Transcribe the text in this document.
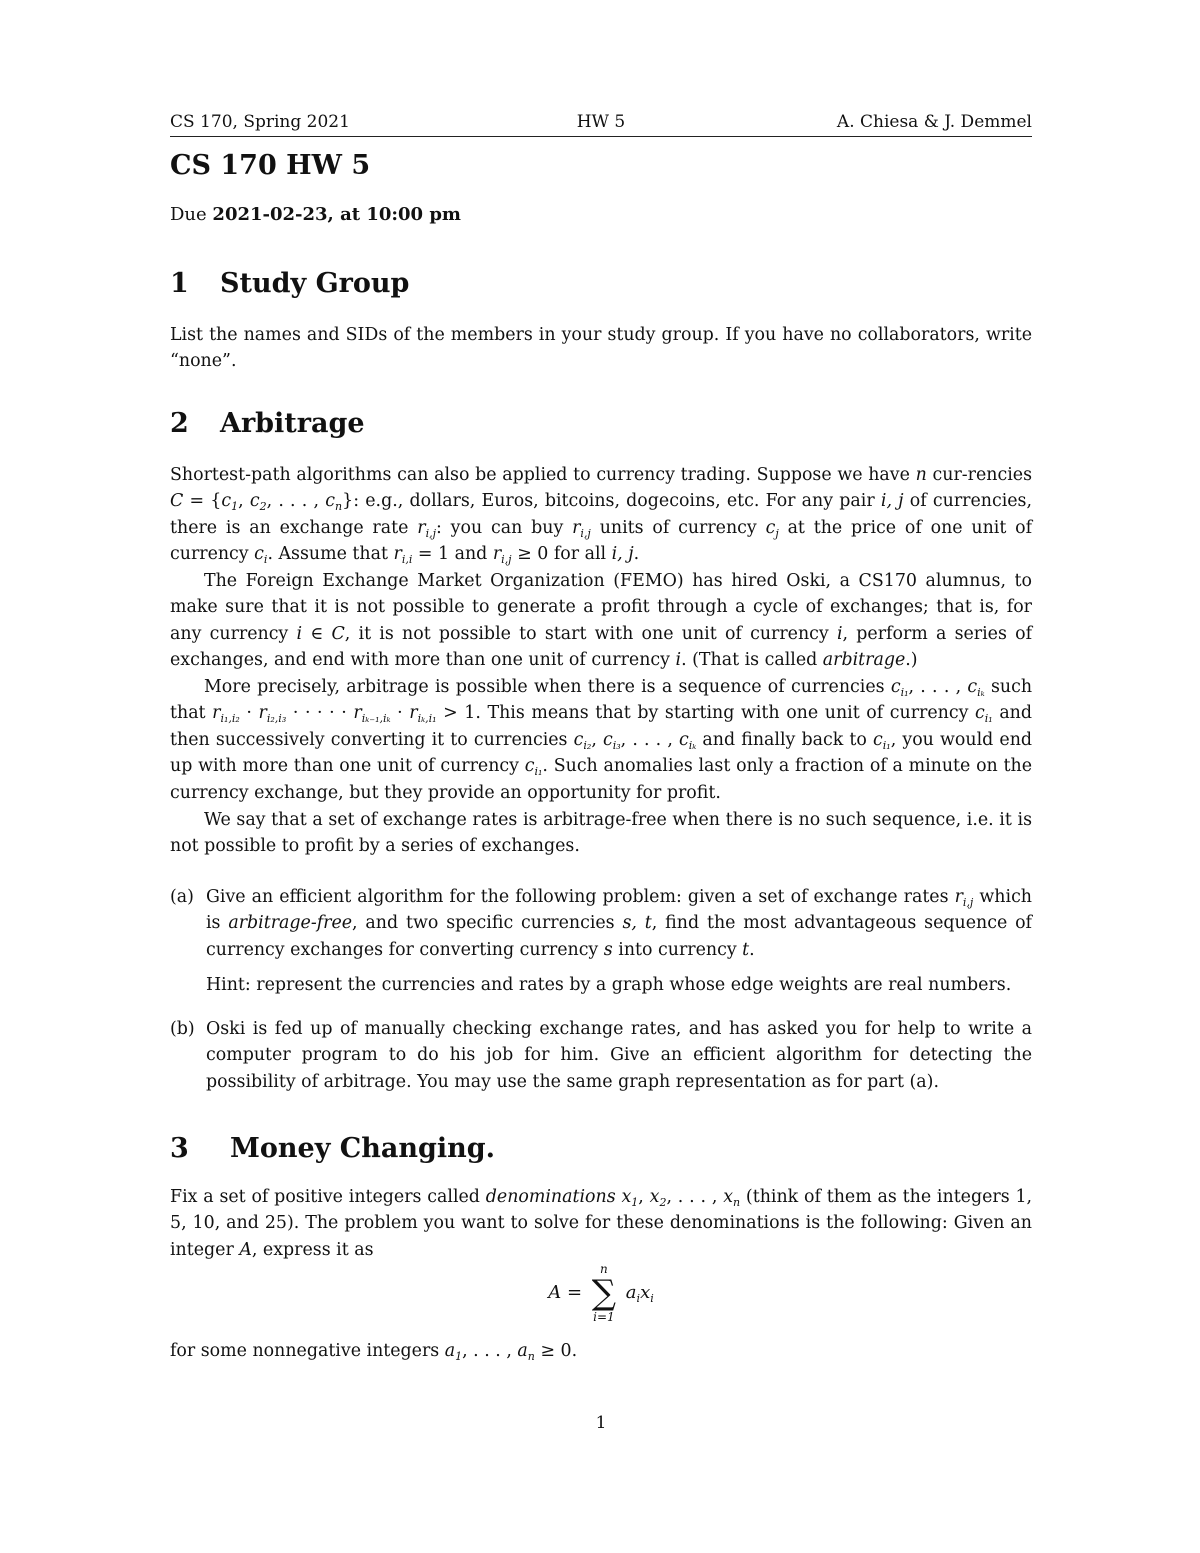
CS 170, Spring 2021	HW 5	A. Chiesa & J. Demmel
CS 170 HW 5
Due 2021-02-23, at 10:00 pm
1 Study Group

List the names and SIDs of the members in your study group. If you have no collaborators, write “none”.

2 Arbitrage

Shortest-path algorithms can also be applied to currency trading. Suppose we have n cur-rencies $C = \{c_1$, $c_2$, . . . , $c_n$}: e.g., dollars, Euros, bitcoins, dogecoins, etc. For any pair i, j of currencies, there is an exchange rate $r_{i,j}$: you can buy $r_{i,j}$ units of currency $c_j$ at the price of one unit of currency $c_i$. Assume that $r_{i,i} = 1$ and $r_{i,j} \ge 0$ for all i, j.

The Foreign Exchange Market Organization (FEMO) has hired Oski, a CS170 alumnus, to make sure that it is not possible to generate a profit through a cycle of exchanges; that is, for any currency i ∈ C, it is not possible to start with one unit of currency i, perform a series of exchanges, and end with more than one unit of currency i. (That is called arbitrage.)

More precisely, arbitrage is possible when there is a sequence of currencies $c_{i_1}$, . . . , $c_{i_k}$ such that $r_{i_1,i_2} \cdot r_{i_2,i_3}$ · · · · · $r_{i_{k-1},i_k} \cdot r_{i_k,i_1} > 1$. This means that by starting with one unit of currency $c_{i_1}$ and then successively converting it to currencies $c_{i_2}$, $c_{i_3}$, . . . , $c_{i_k}$ and finally back to $c_{i_1}$, you would end up with more than one unit of currency $c_{i_1}$. Such anomalies last only a fraction of a minute on the currency exchange, but they provide an opportunity for profit.

We say that a set of exchange rates is arbitrage-free when there is no such sequence, i.e. it is not possible to profit by a series of exchanges.

(a) Give an efficient algorithm for the following problem: given a set of exchange rates $r_{i,j}$ which is arbitrage-free, and two specific currencies s, t, find the most advantageous sequence of currency exchanges for converting currency s into currency t.
Hint: represent the currencies and rates by a graph whose edge weights are real numbers.
(b) Oski is fed up of manually checking exchange rates, and has asked you for help to write a computer program to do his job for him. Give an efficient algorithm for detecting the possibility of arbitrage. You may use the same graph representation as for part (a).
3 Money Changing.

Fix a set of positive integers called denominations $x_1$, $x_2$, . . . , $x_n$ (think of them as the integers 1, 5, 10, and 25). The problem you want to solve for these denominations is the following: Given an integer A, express it as

A =
n
∑
i=1
$a_ix_i$

for some nonnegative integers $a_1$, . . . , $a_n \ge 0$.

1
